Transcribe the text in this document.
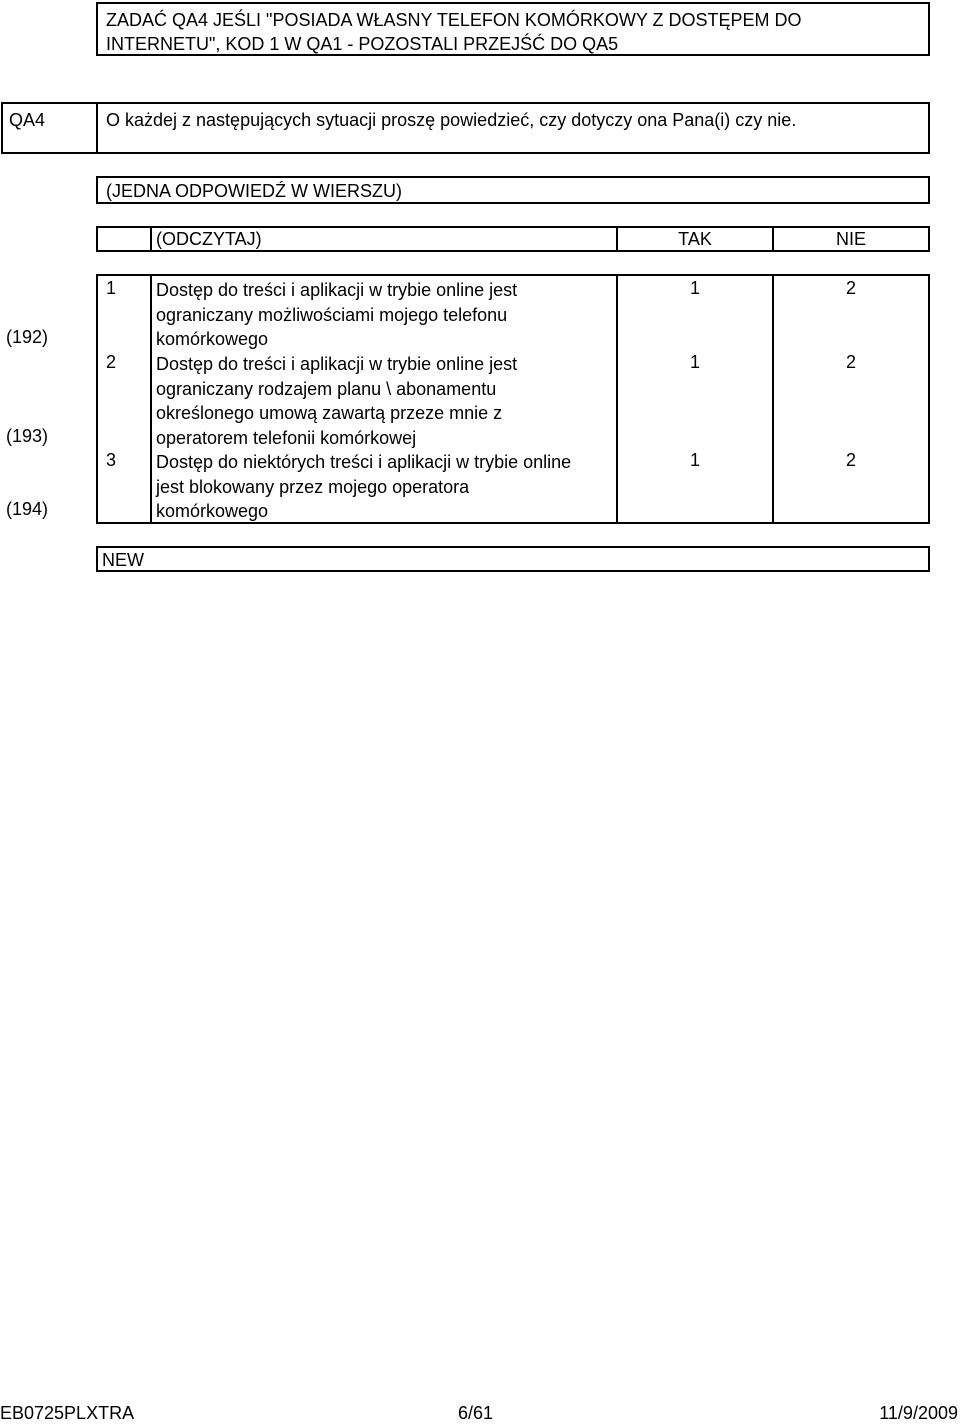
ZADAĆ QA4 JEŚLI "POSIADA WŁASNY TELEFON KOMÓRKOWY Z DOSTĘPEM DO
INTERNETU", KOD 1 W QA1 - POZOSTALI PRZEJŚĆ DO QA5
QA4	O każdej z następujących sytuacji proszę powiedzieć, czy dotyczy ona Pana(i) czy nie.
(JEDNA ODPOWIEDŹ W WIERSZU)
(ODCZYTAJ)	TAK	NIE
(192)
(193)
(194)
1	Dostęp do treści i aplikacji w trybie online jest
ograniczany możliwościami mojego telefonu
komórkowego
1	2
2	Dostęp do treści i aplikacji w trybie online jest
ograniczany rodzajem planu \ abonamentu
określonego umową zawartą przeze mnie z
operatorem telefonii komórkowej
1	2
3	Dostęp do niektórych treści i aplikacji w trybie online
jest blokowany przez mojego operatora
komórkowego
1	2
NEW
EB0725PLXTRA	6/61	11/9/2009
